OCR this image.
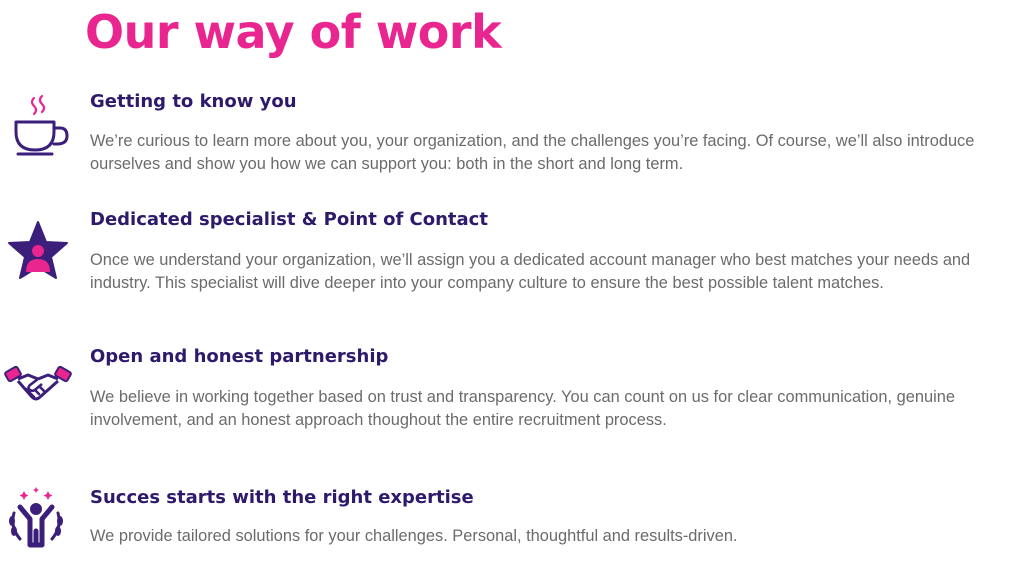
Our way of work
Getting to know you

We’re curious to learn more about you, your organization, and the challenges you’re facing. Of course, we’ll also introduce ourselves and show you how we can support you: both in the short and long term.

Dedicated specialist & Point of Contact

Once we understand your organization, we’ll assign you a dedicated account manager who best matches your needs and industry. This specialist will dive deeper into your company culture to ensure the best possible talent matches.

Open and honest partnership

We believe in working together based on trust and transparency. You can count on us for clear communication, genuine involvement, and an honest approach thoughout the entire recruitment process.

Succes starts with the right expertise

We provide tailored solutions for your challenges. Personal, thoughtful and results-driven.
